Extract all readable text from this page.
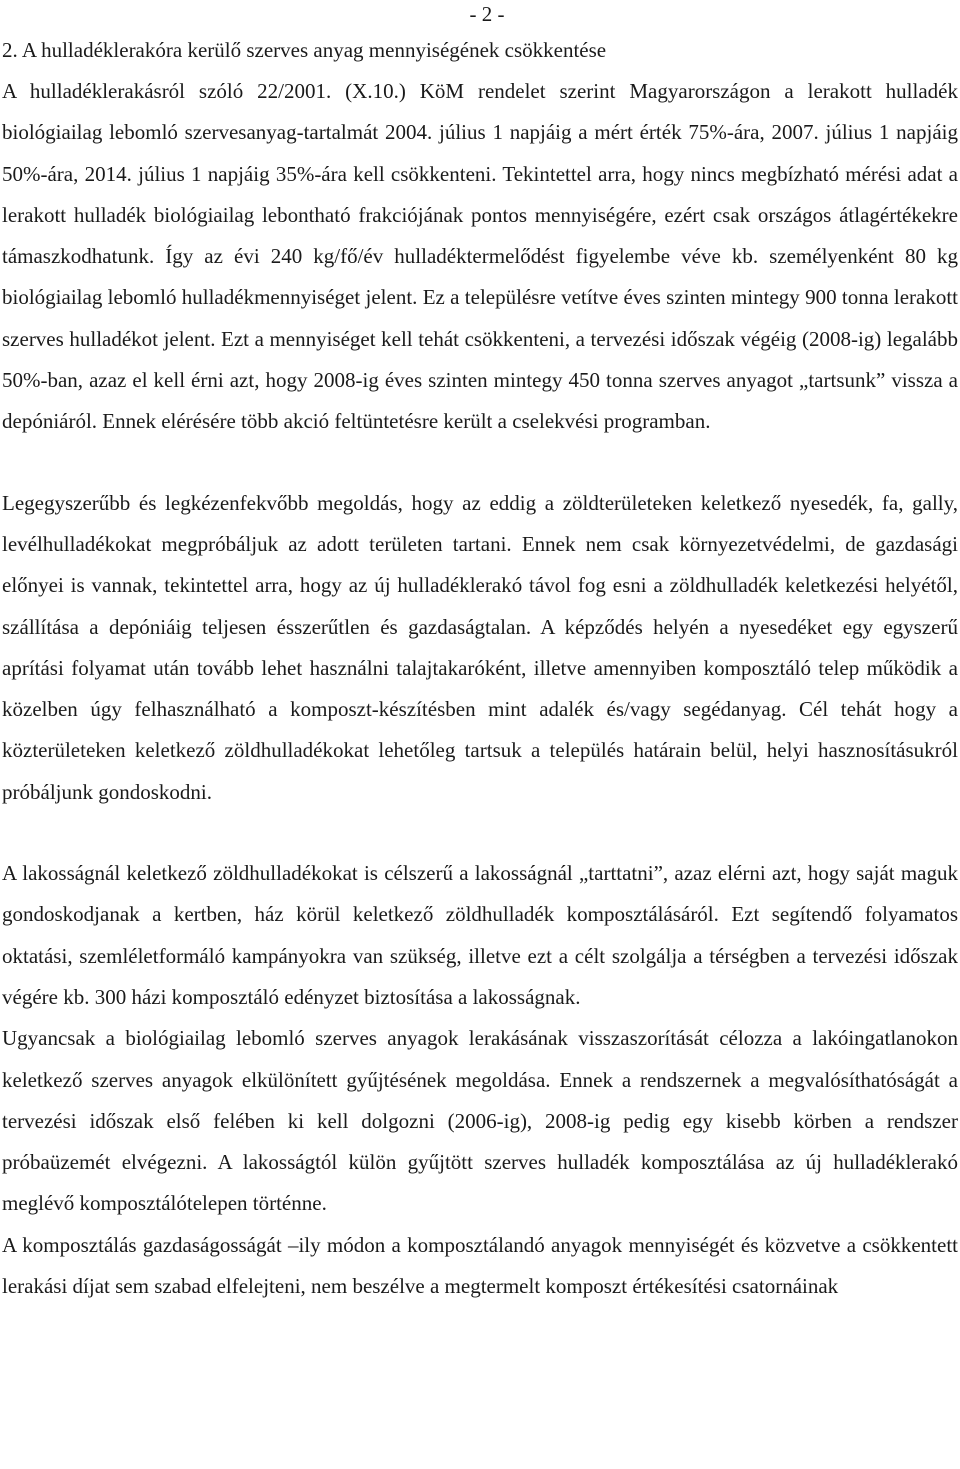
- 2 -
2. A hulladéklerakóra kerülő szerves anyag mennyiségének csökkentése

A hulladéklerakásról szóló 22/2001. (X.10.) KöM rendelet szerint Magyarországon a lerakott hulladék biológiailag lebomló szervesanyag-tartalmát 2004. július 1 napjáig a mért érték 75%-ára, 2007. július 1 napjáig 50%-ára, 2014. július 1 napjáig 35%-ára kell csökkenteni. Tekintettel arra, hogy nincs megbízható mérési adat a lerakott hulladék biológiailag lebontható frakciójának pontos mennyiségére, ezért csak országos átlagértékekre támaszkodhatunk. Így az évi 240 kg/fő/év hulladéktermelődést figyelembe véve kb. személyenként 80 kg biológiailag lebomló hulladékmennyiséget jelent. Ez a településre vetítve éves szinten mintegy 900 tonna lerakott szerves hulladékot jelent. Ezt a mennyiséget kell tehát csökkenteni, a tervezési időszak végéig (2008-ig) legalább 50%-ban, azaz el kell érni azt, hogy 2008-ig éves szinten mintegy 450 tonna szerves anyagot „tartsunk” vissza a depóniáról. Ennek elérésére több akció feltüntetésre került a cselekvési programban.

Legegyszerűbb és legkézenfekvőbb megoldás, hogy az eddig a zöldterületeken keletkező nyesedék, fa, gally, levélhulladékokat megpróbáljuk az adott területen tartani. Ennek nem csak környezetvédelmi, de gazdasági előnyei is vannak, tekintettel arra, hogy az új hulladéklerakó távol fog esni a zöldhulladék keletkezési helyétől, szállítása a depóniáig teljesen ésszerűtlen és gazdaságtalan. A képződés helyén a nyesedéket egy egyszerű aprítási folyamat után tovább lehet használni talajtakaróként, illetve amennyiben komposztáló telep működik a közelben úgy felhasználható a komposzt-készítésben mint adalék és/vagy segédanyag. Cél tehát hogy a közterületeken keletkező zöldhulladékokat lehetőleg tartsuk a település határain belül, helyi hasznosításukról próbáljunk gondoskodni.

A lakosságnál keletkező zöldhulladékokat is célszerű a lakosságnál „tarttatni”, azaz elérni azt, hogy saját maguk gondoskodjanak a kertben, ház körül keletkező zöldhulladék komposztálásáról. Ezt segítendő folyamatos oktatási, szemléletformáló kampányokra van szükség, illetve ezt a célt szolgálja a térségben a tervezési időszak végére kb. 300 házi komposztáló edényzet biztosítása a lakosságnak.

Ugyancsak a biológiailag lebomló szerves anyagok lerakásának visszaszorítását célozza a lakóingatlanokon keletkező szerves anyagok elkülönített gyűjtésének megoldása. Ennek a rendszernek a megvalósíthatóságát a tervezési időszak első felében ki kell dolgozni (2006-ig), 2008-ig pedig egy kisebb körben a rendszer próbaüzemét elvégezni. A lakosságtól külön gyűjtött szerves hulladék komposztálása az új hulladéklerakó meglévő komposztálótelepen történne.

A komposztálás gazdaságosságát –ily módon a komposztálandó anyagok mennyiségét és közvetve a csökkentett lerakási díjat sem szabad elfelejteni, nem beszélve a megtermelt komposzt értékesítési csatornáinak
